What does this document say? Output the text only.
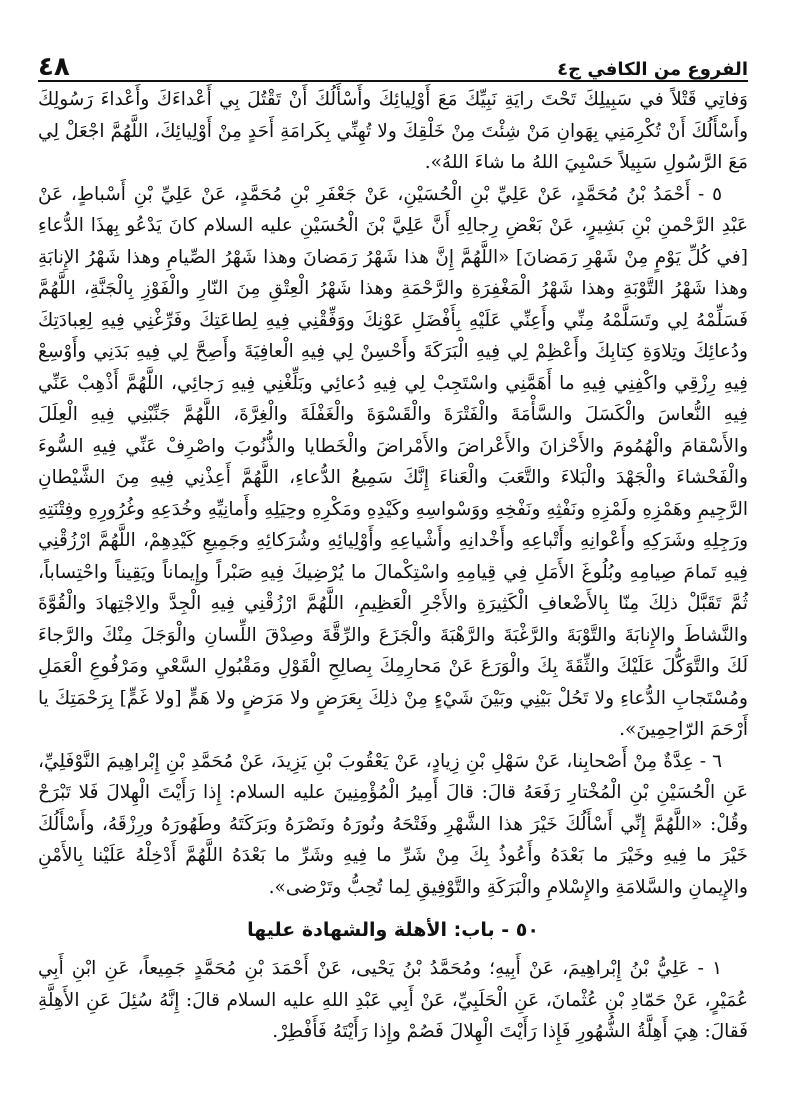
٤٨	الفروع من الكافي ج٤

وَفاتِي قَتْلاً في سَبِيلِكَ تَحْتَ رايَةِ نَبِيِّكَ مَعَ أَوْلِيائِكَ وأَسْأَلُكَ أَنْ تَقْتُلَ بِي أَعْداءَكَ وأَعْداءَ رَسُولِكَ وأَسْأَلُكَ أَنْ تُكْرِمَنِي بِهَوانِ مَنْ شِئْتَ مِنْ خَلْقِكَ ولا تُهِنِّي بِكَرامَةِ أَحَدٍ مِنْ أَوْلِيائِكَ، اللَّهُمَّ اجْعَلْ لِي مَعَ الرَّسُولِ سَبِيلاً حَسْبِيَ اللهُ ما شاءَ اللهُ».

٥ - أَحْمَدُ بْنُ مُحَمَّدٍ، عَنْ عَلِيِّ بْنِ الْحُسَيْنِ، عَنْ جَعْفَرِ بْنِ مُحَمَّدٍ، عَنْ عَلِيِّ بْنِ أَسْباطٍ، عَنْ عَبْدِ الرَّحْمنِ بْنِ بَشِيرٍ، عَنْ بَعْضِ رِجالِهِ أَنَّ عَلِيَّ بْنَ الْحُسَيْنِ عليه السلام كانَ يَدْعُو بِهذَا الدُّعاءِ [في كُلِّ يَوْمٍ مِنْ شَهْرِ رَمَضانَ] «اللَّهُمَّ إِنَّ هذا شَهْرُ رَمَضانَ وهذا شَهْرُ الصِّيامِ وهذا شَهْرُ الإِنابَةِ وهذا شَهْرُ التَّوْبَةِ وهذا شَهْرُ الْمَغْفِرَةِ والرَّحْمَةِ وهذا شَهْرُ الْعِتْقِ مِنَ النّارِ والْفَوْزِ بِالْجَنَّةِ، اللَّهُمَّ فَسَلِّمْهُ لِي وتَسَلَّمْهُ مِنِّي وأَعِنِّي عَلَيْهِ بِأَفْضَلِ عَوْنِكَ ووَفِّقْنِي فِيهِ لِطاعَتِكَ وفَرِّغْنِي فِيهِ لِعِبادَتِكَ ودُعائِكَ وتِلاوَةِ كِتابِكَ وأَعْظِمْ لِي فِيهِ الْبَرَكَةَ وأَحْسِنْ لِي فِيهِ الْعافِيَةَ وأَصِحَّ لِي فِيهِ بَدَنِي وأَوْسِعْ فِيهِ رِزْقِي واكْفِنِي فِيهِ ما أَهَمَّنِي واسْتَجِبْ لِي فِيهِ دُعائِي وبَلِّغْنِي فِيهِ رَجائِي، اللَّهُمَّ أَذْهِبْ عَنِّي فِيهِ النُّعاسَ والْكَسَلَ والسَّأْمَةَ والْفَتْرَةَ والْقَسْوَةَ والْغَفْلَةَ والْغِرَّةَ، اللَّهُمَّ جَنِّبْنِي فِيهِ الْعِلَلَ والأَسْقامَ والْهُمُومَ والأَحْزانَ والأَعْراضَ والأَمْراضَ والْخَطايا والذُّنُوبَ واصْرِفْ عَنِّي فِيهِ السُّوءَ والْفَحْشاءَ والْجَهْدَ والْبَلاءَ والتَّعَبَ والْعَناءَ إِنَّكَ سَمِيعُ الدُّعاءِ، اللَّهُمَّ أَعِذْنِي فِيهِ مِنَ الشَّيْطانِ الرَّجِيمِ وهَمْزِهِ ولَمْزِهِ ونَفْثِهِ ونَفْخِهِ ووَسْواسِهِ وكَيْدِهِ ومَكْرِهِ وحِيَلِهِ وأَمانِيِّهِ وخُدَعِهِ وغُرُورِهِ وفِتْنَتِهِ ورَجِلِهِ وشَرَكِهِ وأَعْوانِهِ وأَتْباعِهِ وأَخْدانِهِ وأَشْياعِهِ وأَوْلِيائِهِ وشُرَكائِهِ وجَمِيعِ كَيْدِهِمْ، اللَّهُمَّ ارْزُقْنِي فِيهِ تَمامَ صِيامِهِ وبُلُوغَ الأَمَلِ فِي قِيامِهِ واسْتِكْمالَ ما يُرْضِيكَ فِيهِ صَبْراً وإِيماناً ويَقِيناً واحْتِساباً، ثُمَّ تَقَبَّلْ ذلِكَ مِنّا بِالأَضْعافِ الْكَثِيرَةِ والأَجْرِ الْعَظِيمِ، اللَّهُمَّ ارْزُقْنِي فِيهِ الْجِدَّ والِاجْتِهادَ والْقُوَّةَ والنَّشاطَ والإِنابَةَ والتَّوْبَةَ والرَّغْبَةَ والرَّهْبَةَ والْجَزَعَ والرِّقَّةَ وصِدْقَ اللِّسانِ والْوَجَلَ مِنْكَ والرَّجاءَ لَكَ والتَّوَكُّلَ عَلَيْكَ والثِّقَةَ بِكَ والْوَرَعَ عَنْ مَحارِمِكَ بِصالِحِ الْقَوْلِ ومَقْبُولِ السَّعْيِ ومَرْفُوعِ الْعَمَلِ ومُسْتَجابِ الدُّعاءِ ولا تَحُلْ بَيْنِي وبَيْنَ شَيْءٍ مِنْ ذلِكَ بِعَرَضٍ ولا مَرَضٍ ولا هَمٍّ [ولا غَمٍّ] بِرَحْمَتِكَ يا أَرْحَمَ الرّاحِمِينَ».

٦ - عِدَّةٌ مِنْ أَصْحابِنا، عَنْ سَهْلِ بْنِ زِيادٍ، عَنْ يَعْقُوبَ بْنِ يَزِيدَ، عَنْ مُحَمَّدِ بْنِ إِبْراهِيمَ النَّوْفَلِيِّ، عَنِ الْحُسَيْنِ بْنِ الْمُخْتارِ رَفَعَهُ قالَ: قالَ أَمِيرُ الْمُؤْمِنِينَ عليه السلام: إِذا رَأَيْتَ الْهِلالَ فَلا تَبْرَحْ وقُلْ: «اللَّهُمَّ إِنِّي أَسْأَلُكَ خَيْرَ هذا الشَّهْرِ وفَتْحَهُ ونُورَهُ ونَصْرَهُ وبَرَكَتَهُ وطَهُورَهُ ورِزْقَهُ، وأَسْأَلُكَ خَيْرَ ما فِيهِ وخَيْرَ ما بَعْدَهُ وأَعُوذُ بِكَ مِنْ شَرِّ ما فِيهِ وشَرِّ ما بَعْدَهُ اللَّهُمَّ أَدْخِلْهُ عَلَيْنا بِالأَمْنِ والإِيمانِ والسَّلامَةِ والإِسْلامِ والْبَرَكَةِ والتَّوْفِيقِ لِما تُحِبُّ وتَرْضى».

٥٠ - باب: الأهلة والشهادة عليها

١ - عَلِيُّ بْنُ إِبْراهِيمَ، عَنْ أَبِيهِ؛ ومُحَمَّدُ بْنُ يَحْيى، عَنْ أَحْمَدَ بْنِ مُحَمَّدٍ جَمِيعاً، عَنِ ابْنِ أَبِي عُمَيْرٍ، عَنْ حَمّادِ بْنِ عُثْمانَ، عَنِ الْحَلَبِيِّ، عَنْ أَبِي عَبْدِ اللهِ عليه السلام قالَ: إِنَّهُ سُئِلَ عَنِ الأَهِلَّةِ فَقالَ: هِيَ أَهِلَّةُ الشُّهُورِ فَإِذا رَأَيْتَ الْهِلالَ فَصُمْ وإِذا رَأَيْتَهُ فَأَفْطِرْ.
